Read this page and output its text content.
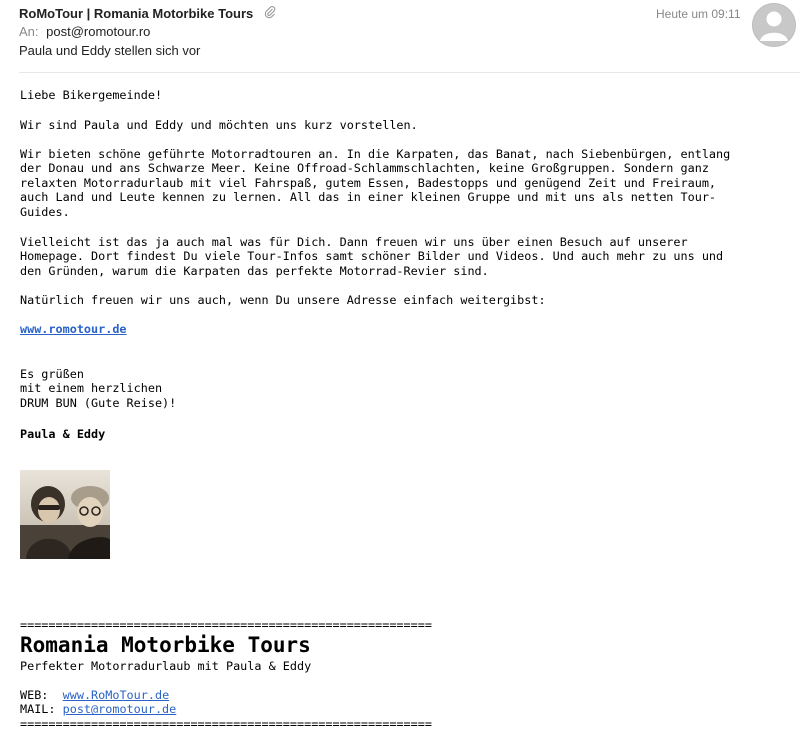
RoMoTour | Romania Motorbike Tours	Heute um 09:11
An: post@romotour.ro
Paula und Eddy stellen sich vor
Liebe Bikergemeinde!
Wir sind Paula und Eddy und möchten uns kurz vorstellen.
Wir bieten schöne geführte Motorradtouren an. In die Karpaten, das Banat, nach Siebenbürgen, entlang
der Donau und ans Schwarze Meer. Keine Offroad-Schlammschlachten, keine Großgruppen. Sondern ganz
relaxten Motorradurlaub mit viel Fahrspaß, gutem Essen, Badestopps und genügend Zeit und Freiraum,
auch Land und Leute kennen zu lernen. All das in einer kleinen Gruppe und mit uns als netten Tour-
Guides.
Vielleicht ist das ja auch mal was für Dich. Dann freuen wir uns über einen Besuch auf unserer
Homepage. Dort findest Du viele Tour-Infos samt schöner Bilder und Videos. Und auch mehr zu uns und
den Gründen, warum die Karpaten das perfekte Motorrad-Revier sind.
Natürlich freuen wir uns auch, wenn Du unsere Adresse einfach weitergibst:
www.romotour.de
Es grüßen
mit einem herzlichen
DRUM BUN (Gute Reise)!
Paula & Eddy
==========================================================
Romania Motorbike Tours
Perfekter Motorradurlaub mit Paula & Eddy
WEB: www.RoMoTour.de
MAIL: post@romotour.de
==========================================================
